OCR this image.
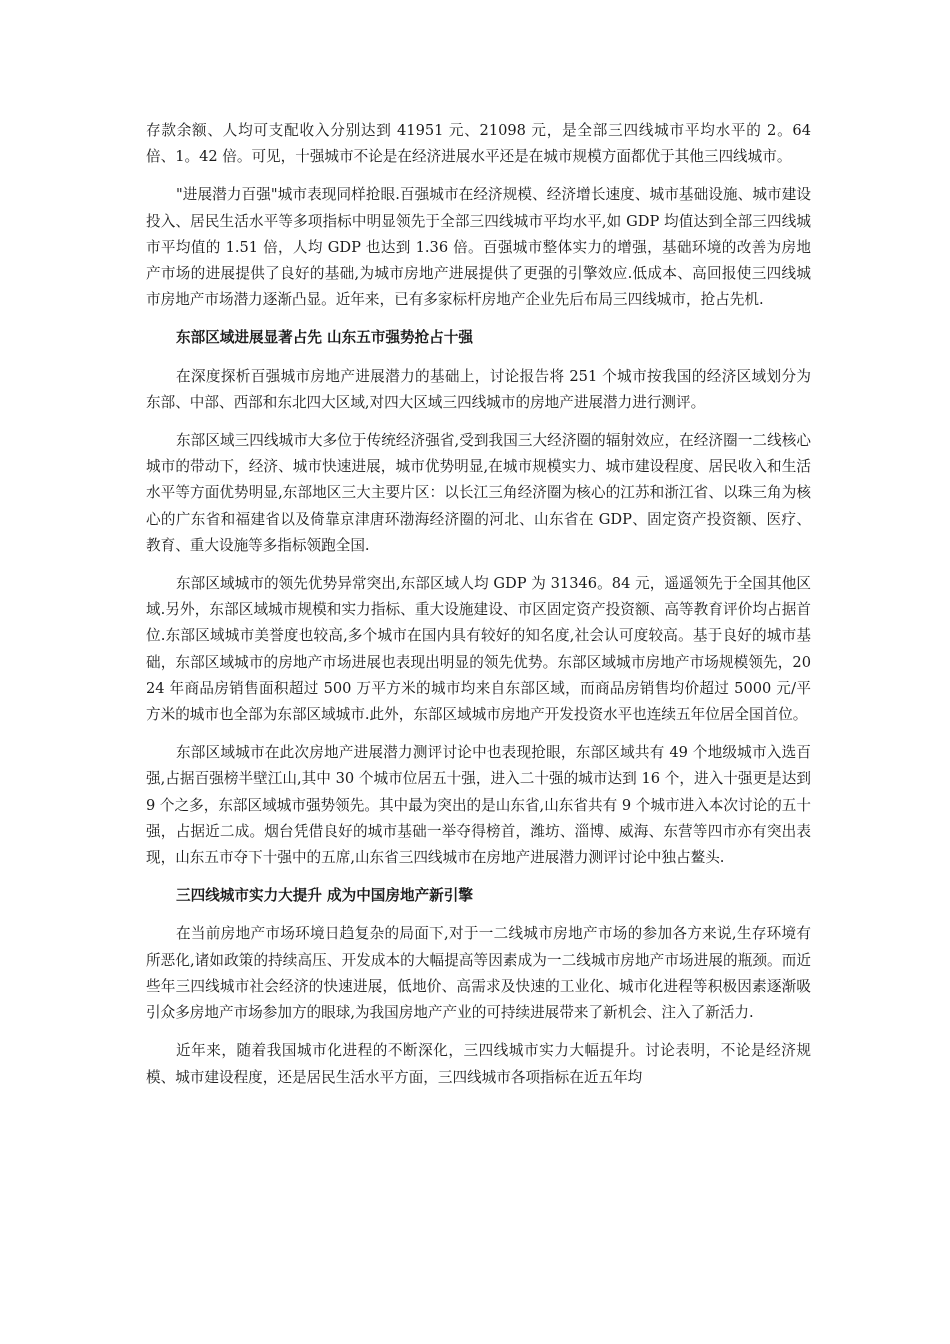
存款余额、人均可支配收入分别达到 41951 元、21098 元，是全部三四线城市平均水平的 2。64 倍、1。42 倍。可见，十强城市不论是在经济进展水平还是在城市规模方面都优于其他三四线城市。

"进展潜力百强"城市表现同样抢眼.百强城市在经济规模、经济增长速度、城市基础设施、城市建设投入、居民生活水平等多项指标中明显领先于全部三四线城市平均水平,如 GDP 均值达到全部三四线城市平均值的 1.51 倍，人均 GDP 也达到 1.36 倍。百强城市整体实力的增强，基础环境的改善为房地产市场的进展提供了良好的基础,为城市房地产进展提供了更强的引擎效应.低成本、高回报使三四线城市房地产市场潜力逐渐凸显。近年来，已有多家标杆房地产企业先后布局三四线城市，抢占先机.

东部区域进展显著占先 山东五市强势抢占十强

在深度探析百强城市房地产进展潜力的基础上，讨论报告将 251 个城市按我国的经济区域划分为东部、中部、西部和东北四大区域,对四大区域三四线城市的房地产进展潜力进行测评。

东部区域三四线城市大多位于传统经济强省,受到我国三大经济圈的辐射效应，在经济圈一二线核心城市的带动下，经济、城市快速进展，城市优势明显,在城市规模实力、城市建设程度、居民收入和生活水平等方面优势明显,东部地区三大主要片区：以长江三角经济圈为核心的江苏和浙江省、以珠三角为核心的广东省和福建省以及倚靠京津唐环渤海经济圈的河北、山东省在 GDP、固定资产投资额、医疗、教育、重大设施等多指标领跑全国.

东部区域城市的领先优势异常突出,东部区域人均 GDP 为 31346。84 元，遥遥领先于全国其他区域.另外，东部区域城市规模和实力指标、重大设施建设、市区固定资产投资额、高等教育评价均占据首位.东部区域城市美誉度也较高,多个城市在国内具有较好的知名度,社会认可度较高。基于良好的城市基础，东部区域城市的房地产市场进展也表现出明显的领先优势。东部区域城市房地产市场规模领先，2024 年商品房销售面积超过 500 万平方米的城市均来自东部区域，而商品房销售均价超过 5000 元/平方米的城市也全部为东部区域城市.此外，东部区域城市房地产开发投资水平也连续五年位居全国首位。

东部区域城市在此次房地产进展潜力测评讨论中也表现抢眼，东部区域共有 49 个地级城市入选百强,占据百强榜半壁江山,其中 30 个城市位居五十强，进入二十强的城市达到 16 个，进入十强更是达到 9 个之多，东部区域城市强势领先。其中最为突出的是山东省,山东省共有 9 个城市进入本次讨论的五十强，占据近二成。烟台凭借良好的城市基础一举夺得榜首，潍坊、淄博、威海、东营等四市亦有突出表现，山东五市夺下十强中的五席,山东省三四线城市在房地产进展潜力测评讨论中独占鳌头.

三四线城市实力大提升 成为中国房地产新引擎

在当前房地产市场环境日趋复杂的局面下,对于一二线城市房地产市场的参加各方来说,生存环境有所恶化,诸如政策的持续高压、开发成本的大幅提高等因素成为一二线城市房地产市场进展的瓶颈。而近些年三四线城市社会经济的快速进展，低地价、高需求及快速的工业化、城市化进程等积极因素逐渐吸引众多房地产市场参加方的眼球,为我国房地产产业的可持续进展带来了新机会、注入了新活力.

近年来，随着我国城市化进程的不断深化，三四线城市实力大幅提升。讨论表明，不论是经济规模、城市建设程度，还是居民生活水平方面，三四线城市各项指标在近五年均
